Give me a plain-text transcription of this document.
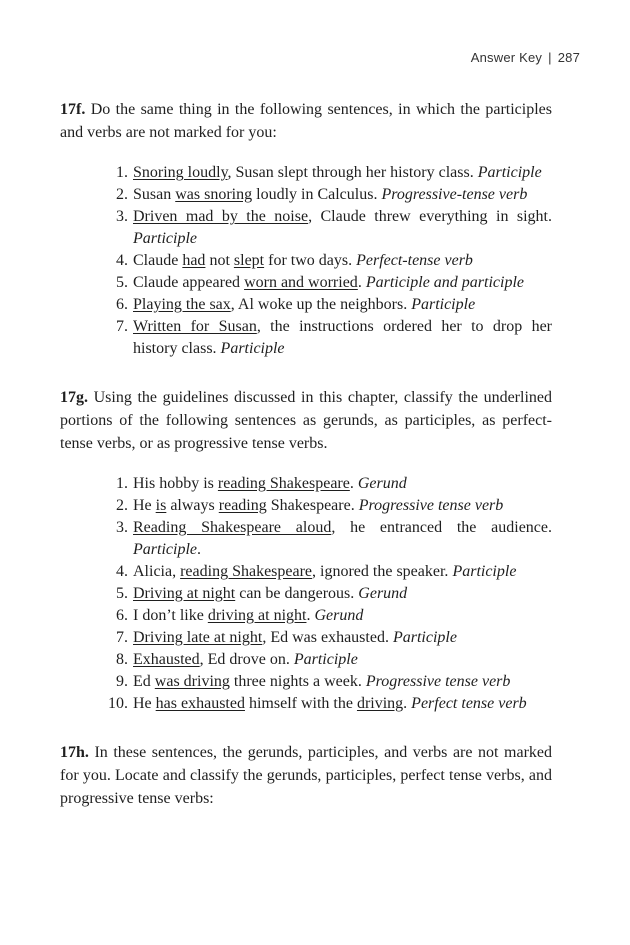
Answer Key | 287

17f. Do the same thing in the following sentences, in which the participles and verbs are not marked for you:

1. Snoring loudly, Susan slept through her history class. Participle
2. Susan was snoring loudly in Calculus. Progressive-tense verb
3. Driven mad by the noise, Claude threw everything in sight. Participle
4. Claude had not slept for two days. Perfect-tense verb
5. Claude appeared worn and worried. Participle and participle
6. Playing the sax, Al woke up the neighbors. Participle
7. Written for Susan, the instructions ordered her to drop her history class. Participle

17g. Using the guidelines discussed in this chapter, classify the underlined portions of the following sentences as gerunds, as participles, as perfect-tense verbs, or as progressive tense verbs.

1. His hobby is reading Shakespeare. Gerund
2. He is always reading Shakespeare. Progressive tense verb
3. Reading Shakespeare aloud, he entranced the audience. Participle.
4. Alicia, reading Shakespeare, ignored the speaker. Participle
5. Driving at night can be dangerous. Gerund
6. I don’t like driving at night. Gerund
7. Driving late at night, Ed was exhausted. Participle
8. Exhausted, Ed drove on. Participle
9. Ed was driving three nights a week. Progressive tense verb
10. He has exhausted himself with the driving. Perfect tense verb

17h. In these sentences, the gerunds, participles, and verbs are not marked for you. Locate and classify the gerunds, participles, perfect tense verbs, and progressive tense verbs:
